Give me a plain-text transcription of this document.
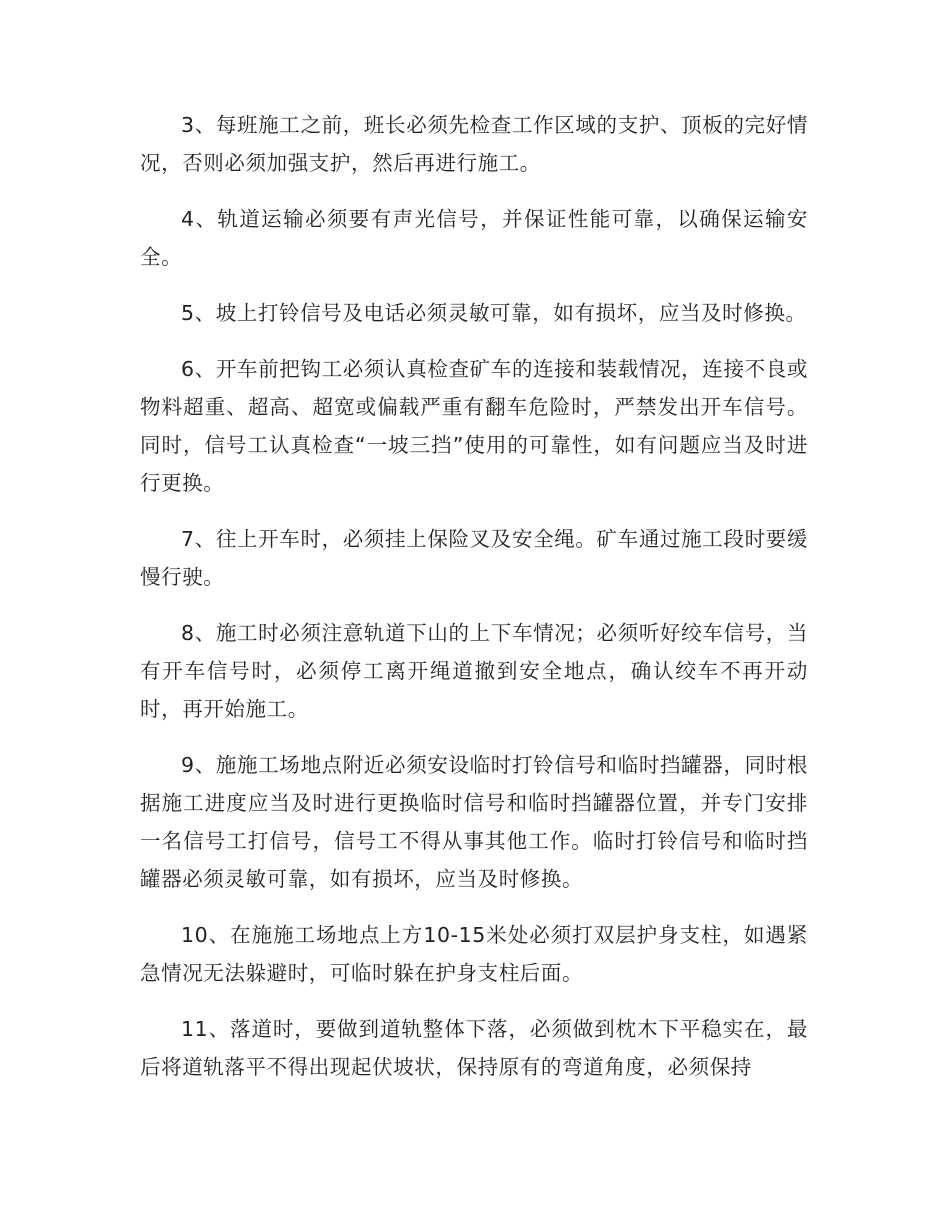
3、每班施工之前，班长必须先检查工作区域的支护、顶板的完好情况，否则必须加强支护，然后再进行施工。

4、轨道运输必须要有声光信号，并保证性能可靠，以确保运输安全。

5、坡上打铃信号及电话必须灵敏可靠，如有损坏，应当及时修换。

6、开车前把钩工必须认真检查矿车的连接和装载情况，连接不良或物料超重、超高、超宽或偏载严重有翻车危险时，严禁发出开车信号。同时，信号工认真检查“一坡三挡”使用的可靠性，如有问题应当及时进行更换。

7、往上开车时，必须挂上保险叉及安全绳。矿车通过施工段时要缓慢行驶。

8、施工时必须注意轨道下山的上下车情况；必须听好绞车信号，当有开车信号时，必须停工离开绳道撤到安全地点，确认绞车不再开动时，再开始施工。

9、施施工场地点附近必须安设临时打铃信号和临时挡罐器，同时根据施工进度应当及时进行更换临时信号和临时挡罐器位置，并专门安排一名信号工打信号，信号工不得从事其他工作。临时打铃信号和临时挡罐器必须灵敏可靠，如有损坏，应当及时修换。

10、在施施工场地点上方10-15米处必须打双层护身支柱，如遇紧急情况无法躲避时，可临时躲在护身支柱后面。

11、落道时，要做到道轨整体下落，必须做到枕木下平稳实在，最后将道轨落平不得出现起伏坡状，保持原有的弯道角度，必须保持
